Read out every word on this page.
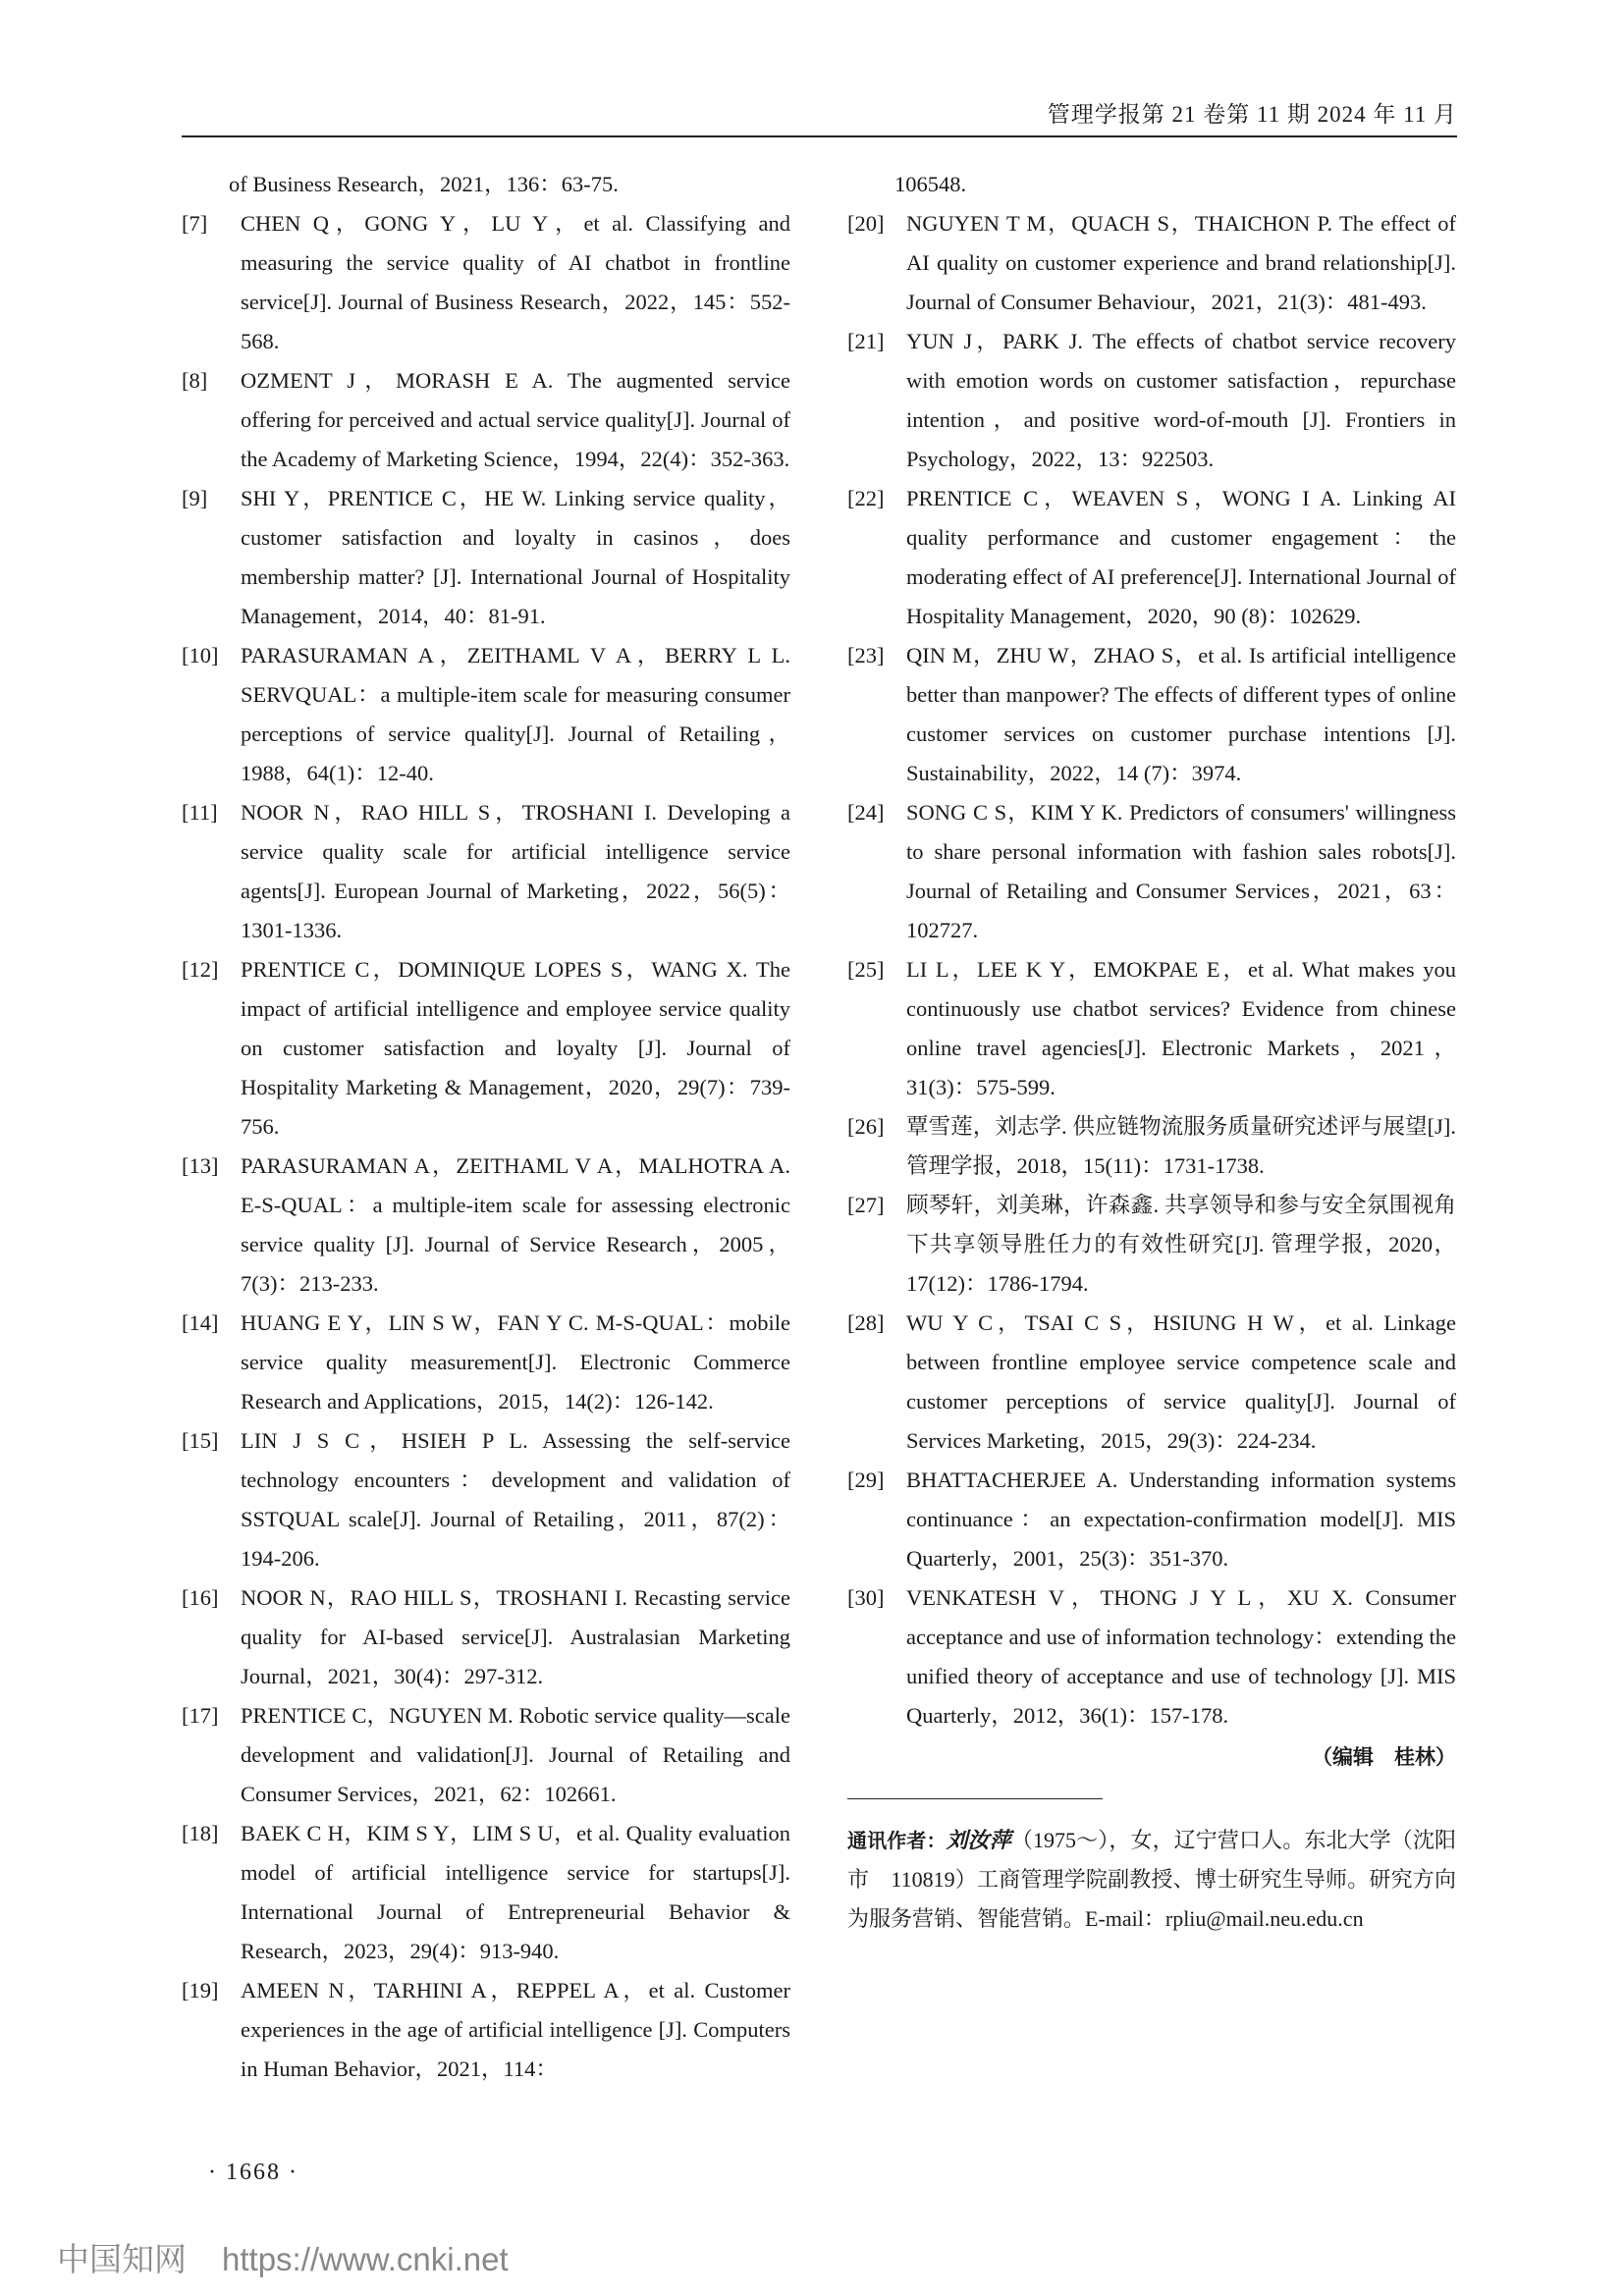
管理学报第 21 卷第 11 期 2024 年 11 月
of Business Research，2021，136：63-75.
[7] CHEN Q，GONG Y，LU Y，et al. Classifying and measuring the service quality of AI chatbot in frontline service[J]. Journal of Business Research，2022，145：552-568.
[8] OZMENT J，MORASH E A. The augmented service offering for perceived and actual service quality[J]. Journal of the Academy of Marketing Science，1994，22(4)：352-363.
[9] SHI Y，PRENTICE C，HE W. Linking service quality，customer satisfaction and loyalty in casinos，does membership matter? [J]. International Journal of Hospitality Management，2014，40：81-91.
[10] PARASURAMAN A，ZEITHAML V A，BERRY L L. SERVQUAL：a multiple-item scale for measuring consumer perceptions of service quality[J]. Journal of Retailing，1988，64(1)：12-40.
[11] NOOR N，RAO HILL S，TROSHANI I. Developing a service quality scale for artificial intelligence service agents[J]. European Journal of Marketing，2022，56(5)：1301-1336.
[12] PRENTICE C，DOMINIQUE LOPES S，WANG X. The impact of artificial intelligence and employee service quality on customer satisfaction and loyalty [J]. Journal of Hospitality Marketing & Management，2020，29(7)：739-756.
[13] PARASURAMAN A，ZEITHAML V A，MALHOTRA A. E-S-QUAL：a multiple-item scale for assessing electronic service quality [J]. Journal of Service Research，2005，7(3)：213-233.
[14] HUANG E Y，LIN S W，FAN Y C. M-S-QUAL：mobile service quality measurement[J]. Electronic Commerce Research and Applications，2015，14(2)：126-142.
[15] LIN J S C，HSIEH P L. Assessing the self-service technology encounters：development and validation of SSTQUAL scale[J]. Journal of Retailing，2011，87(2)：194-206.
[16] NOOR N，RAO HILL S，TROSHANI I. Recasting service quality for AI-based service[J]. Australasian Marketing Journal，2021，30(4)：297-312.
[17] PRENTICE C，NGUYEN M. Robotic service quality—scale development and validation[J]. Journal of Retailing and Consumer Services，2021，62：102661.
[18] BAEK C H，KIM S Y，LIM S U，et al. Quality evaluation model of artificial intelligence service for startups[J]. International Journal of Entrepreneurial Behavior & Research，2023，29(4)：913-940.
[19] AMEEN N，TARHINI A，REPPEL A，et al. Customer experiences in the age of artificial intelligence [J]. Computers in Human Behavior，2021，114：
106548.
[20] NGUYEN T M，QUACH S，THAICHON P. The effect of AI quality on customer experience and brand relationship[J]. Journal of Consumer Behaviour，2021，21(3)：481-493.
[21] YUN J，PARK J. The effects of chatbot service recovery with emotion words on customer satisfaction，repurchase intention，and positive word-of-mouth [J]. Frontiers in Psychology，2022，13：922503.
[22] PRENTICE C，WEAVEN S，WONG I A. Linking AI quality performance and customer engagement：the moderating effect of AI preference[J]. International Journal of Hospitality Management，2020，90 (8)：102629.
[23] QIN M，ZHU W，ZHAO S，et al. Is artificial intelligence better than manpower? The effects of different types of online customer services on customer purchase intentions [J]. Sustainability，2022，14 (7)：3974.
[24] SONG C S，KIM Y K. Predictors of consumers' willingness to share personal information with fashion sales robots[J]. Journal of Retailing and Consumer Services，2021，63：102727.
[25] LI L，LEE K Y，EMOKPAE E，et al. What makes you continuously use chatbot services? Evidence from chinese online travel agencies[J]. Electronic Markets，2021，31(3)：575-599.
[26] 覃雪莲，刘志学. 供应链物流服务质量研究述评与展望[J]. 管理学报，2018，15(11)：1731-1738.
[27] 顾琴轩，刘美琳，许森鑫. 共享领导和参与安全氛围视角下共享领导胜任力的有效性研究[J]. 管理学报，2020，17(12)：1786-1794.
[28] WU Y C，TSAI C S，HSIUNG H W，et al. Linkage between frontline employee service competence scale and customer perceptions of service quality[J]. Journal of Services Marketing，2015，29(3)：224-234.
[29] BHATTACHERJEE A. Understanding information systems continuance：an expectation-confirmation model[J]. MIS Quarterly，2001，25(3)：351-370.
[30] VENKATESH V，THONG J Y L，XU X. Consumer acceptance and use of information technology：extending the unified theory of acceptance and use of technology [J]. MIS Quarterly，2012，36(1)：157-178.
（编辑　桂林）
通讯作者：刘汝萍（1975～），女，辽宁营口人。东北大学（沈阳市　110819）工商管理学院副教授、博士研究生导师。研究方向为服务营销、智能营销。E-mail：rpliu@mail.neu.edu.cn
· 1668 ·
中国知网 https://www.cnki.net
